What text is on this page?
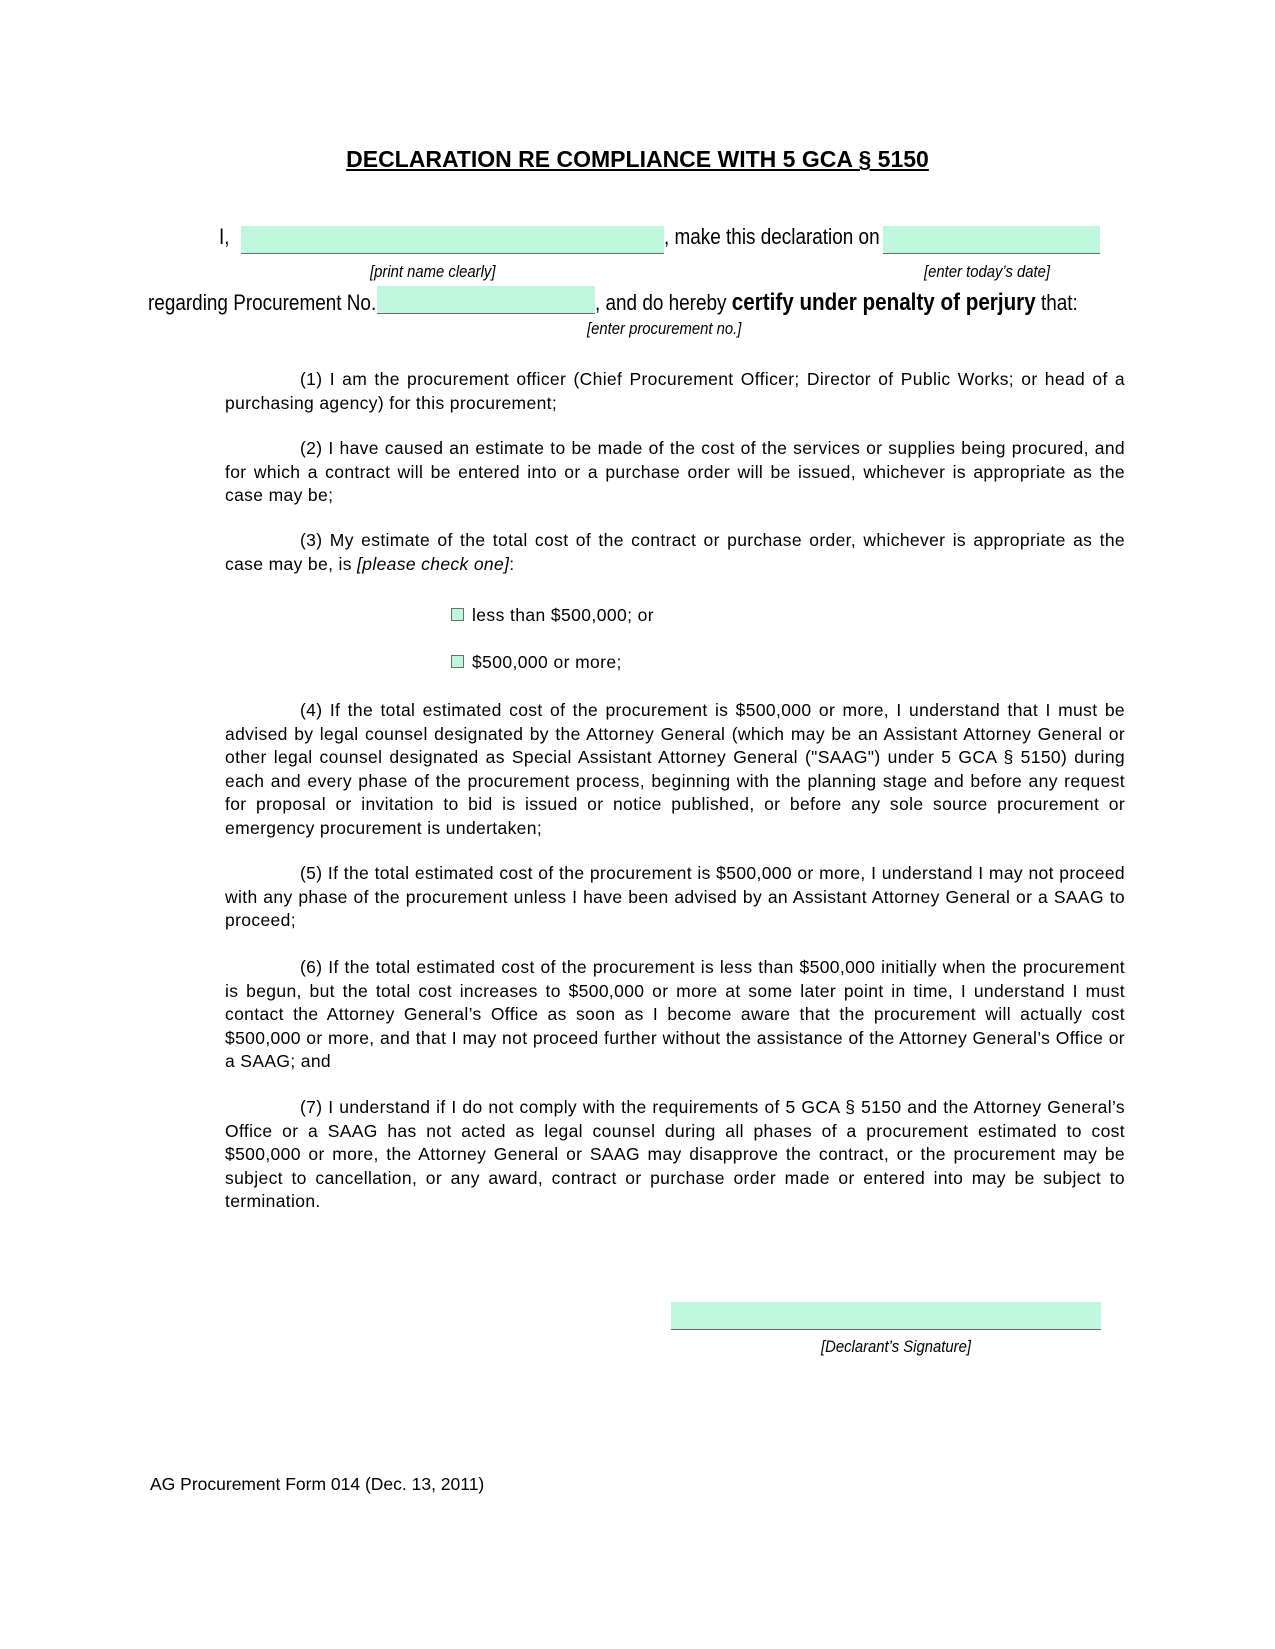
DECLARATION RE COMPLIANCE WITH 5 GCA § 5150
I,	, make this declaration on
[print name clearly]	[enter today’s date]
regarding Procurement No.	, and do hereby certify under penalty of perjury that:
[enter procurement no.]
(1) I am the procurement officer (Chief Procurement Officer; Director of Public Works; or head of a purchasing agency) for this procurement;
(2) I have caused an estimate to be made of the cost of the services or supplies being procured, and for which a contract will be entered into or a purchase order will be issued, whichever is appropriate as the case may be;
(3) My estimate of the total cost of the contract or purchase order, whichever is appropriate as the case may be, is [please check one]:
less than $500,000; or
$500,000 or more;
(4) If the total estimated cost of the procurement is $500,000 or more, I understand that I must be advised by legal counsel designated by the Attorney General (which may be an Assistant Attorney General or other legal counsel designated as Special Assistant Attorney General ("SAAG") under 5 GCA § 5150) during each and every phase of the procurement process, beginning with the planning stage and before any request for proposal or invitation to bid is issued or notice published, or before any sole source procurement or emergency procurement is undertaken;
(5) If the total estimated cost of the procurement is $500,000 or more, I understand I may not proceed with any phase of the procurement unless I have been advised by an Assistant Attorney General or a SAAG to proceed;
(6) If the total estimated cost of the procurement is less than $500,000 initially when the procurement is begun, but the total cost increases to $500,000 or more at some later point in time, I understand I must contact the Attorney General’s Office as soon as I become aware that the procurement will actually cost $500,000 or more, and that I may not proceed further without the assistance of the Attorney General’s Office or a SAAG; and
(7) I understand if I do not comply with the requirements of 5 GCA § 5150 and the Attorney General’s Office or a SAAG has not acted as legal counsel during all phases of a procurement estimated to cost $500,000 or more, the Attorney General or SAAG may disapprove the contract, or the procurement may be subject to cancellation, or any award, contract or purchase order made or entered into may be subject to termination.
[Declarant’s Signature]
AG Procurement Form 014 (Dec. 13, 2011)
